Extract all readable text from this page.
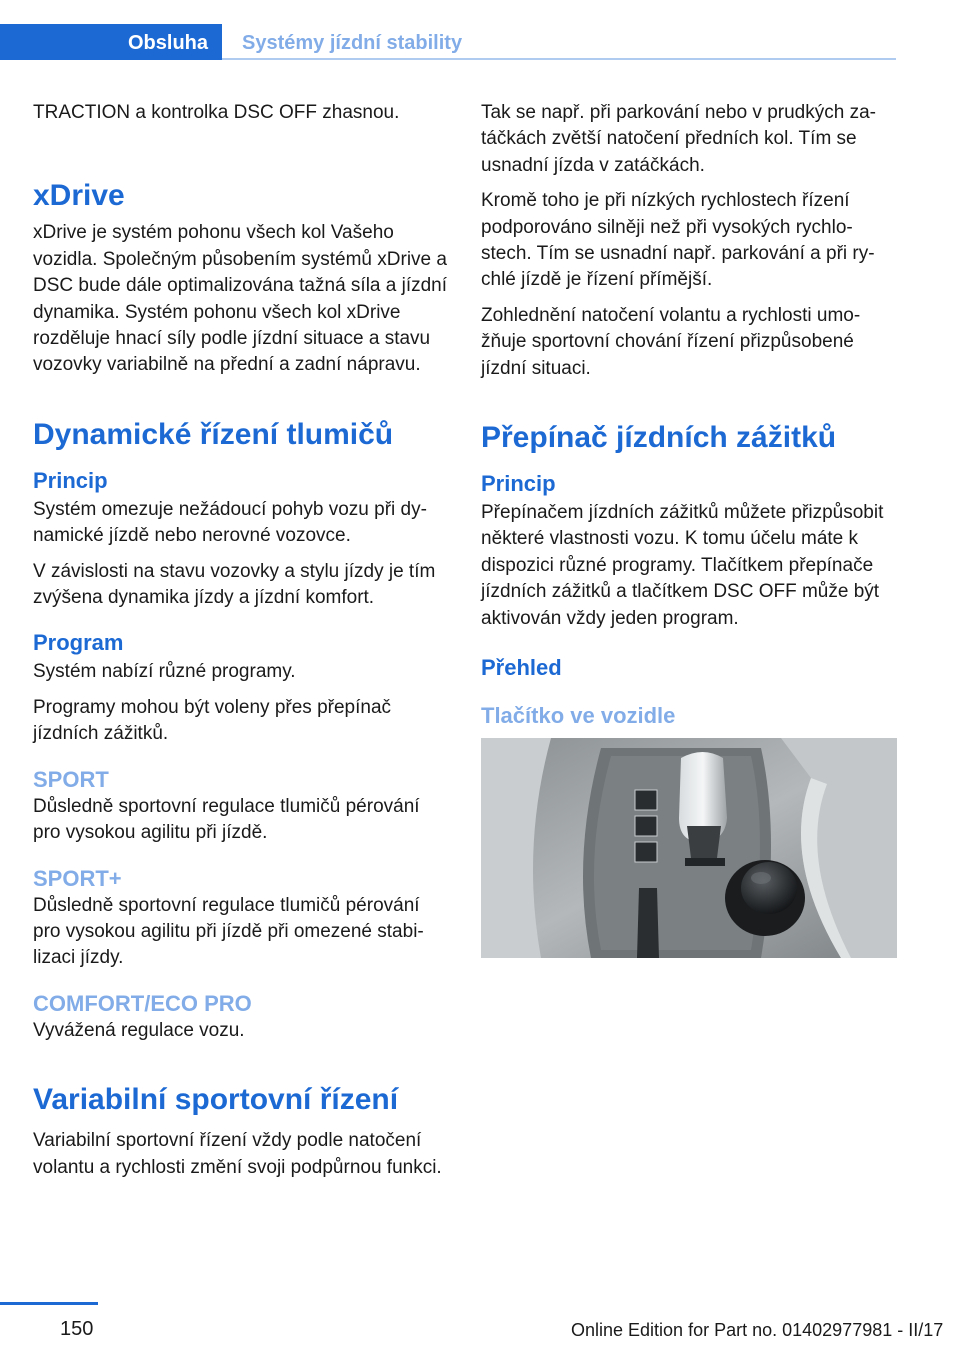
Obsluha	Systémy jízdní stability

TRACTION a kontrolka DSC OFF zhasnou.

xDrive

xDrive je systém pohonu všech kol Vašeho vozidla. Společným působením systémů xDrive a DSC bude dále optimalizována tažná síla a jízdní dynamika. Systém pohonu všech kol xDrive rozděluje hnací síly podle jízdní situace a stavu vozovky variabilně na přední a zadní nápravu.

Dynamické řízení tlumičů
Princip

Systém omezuje nežádoucí pohyb vozu při dynamické jízdě nebo nerovné vozovce.

V závislosti na stavu vozovky a stylu jízdy je tím zvýšena dynamika jízdy a jízdní komfort.

Program

Systém nabízí různé programy.

Programy mohou být voleny přes přepínač jízdních zážitků.

SPORT

Důsledně sportovní regulace tlumičů pérování pro vysokou agilitu při jízdě.

SPORT+

Důsledně sportovní regulace tlumičů pérování pro vysokou agilitu při jízdě při omezené stabilizaci jízdy.

COMFORT/ECO PRO

Vyvážená regulace vozu.

Variabilní sportovní řízení

Variabilní sportovní řízení vždy podle natočení volantu a rychlosti změní svoji podpůrnou funkci.

Tak se např. při parkování nebo v prudkých zatáčkách zvětší natočení předních kol. Tím se usnadní jízda v zatáčkách.

Kromě toho je při nízkých rychlostech řízení podporováno silněji než při vysokých rychlostech. Tím se usnadní např. parkování a při rychlé jízdě je řízení přímější.

Zohlednění natočení volantu a rychlosti umožňuje sportovní chování řízení přizpůsobené jízdní situaci.

Přepínač jízdních zážitků
Princip

Přepínačem jízdních zážitků můžete přizpůsobit některé vlastnosti vozu. K tomu účelu máte k dispozici různé programy. Tlačítkem přepínače jízdních zážitků a tlačítkem DSC OFF může být aktivován vždy jeden program.

Přehled
Tlačítko ve vozidle
150	Online Edition for Part no. 01402977981 - II/17
